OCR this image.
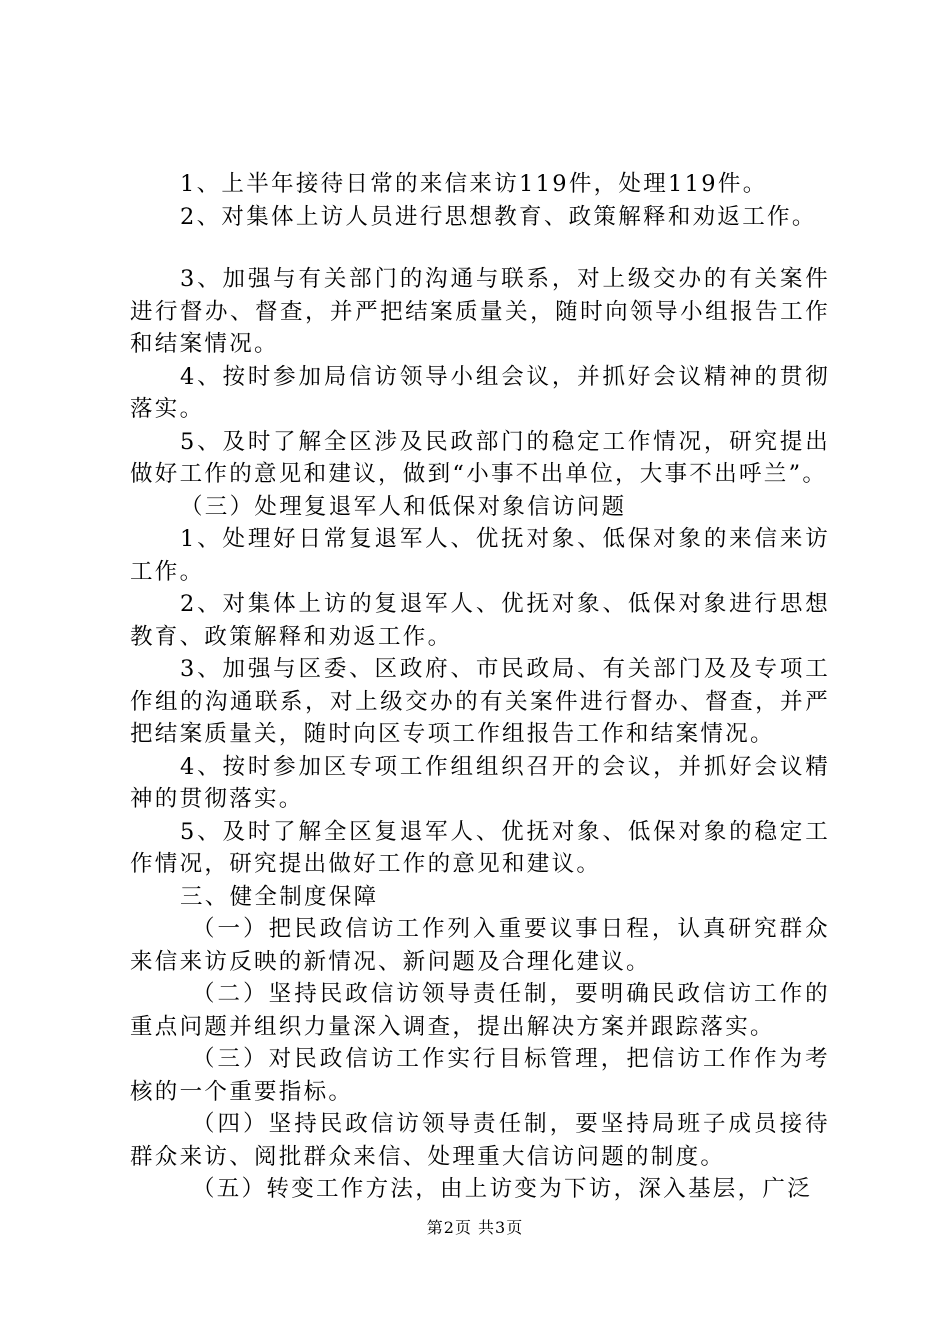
1、上半年接待日常的来信来访119件，处理119件。

2、对集体上访人员进行思想教育、政策解释和劝返工作。

3、加强与有关部门的沟通与联系，对上级交办的有关案件进行督办、督查，并严把结案质量关，随时向领导小组报告工作和结案情况。

4、按时参加局信访领导小组会议，并抓好会议精神的贯彻落实。

5、及时了解全区涉及民政部门的稳定工作情况，研究提出做好工作的意见和建议，做到“小事不出单位，大事不出呼兰”。

（三）处理复退军人和低保对象信访问题

1、处理好日常复退军人、优抚对象、低保对象的来信来访工作。

2、对集体上访的复退军人、优抚对象、低保对象进行思想教育、政策解释和劝返工作。

3、加强与区委、区政府、市民政局、有关部门及及专项工作组的沟通联系，对上级交办的有关案件进行督办、督查，并严把结案质量关，随时向区专项工作组报告工作和结案情况。

4、按时参加区专项工作组组织召开的会议，并抓好会议精神的贯彻落实。

5、及时了解全区复退军人、优抚对象、低保对象的稳定工作情况，研究提出做好工作的意见和建议。

三、健全制度保障

（一）把民政信访工作列入重要议事日程，认真研究群众来信来访反映的新情况、新问题及合理化建议。

（二）坚持民政信访领导责任制，要明确民政信访工作的重点问题并组织力量深入调查，提出解决方案并跟踪落实。

（三）对民政信访工作实行目标管理，把信访工作作为考核的一个重要指标。

（四）坚持民政信访领导责任制，要坚持局班子成员接待群众来访、阅批群众来信、处理重大信访问题的制度。

（五）转变工作方法，由上访变为下访，深入基层，广泛

第2页 共3页
